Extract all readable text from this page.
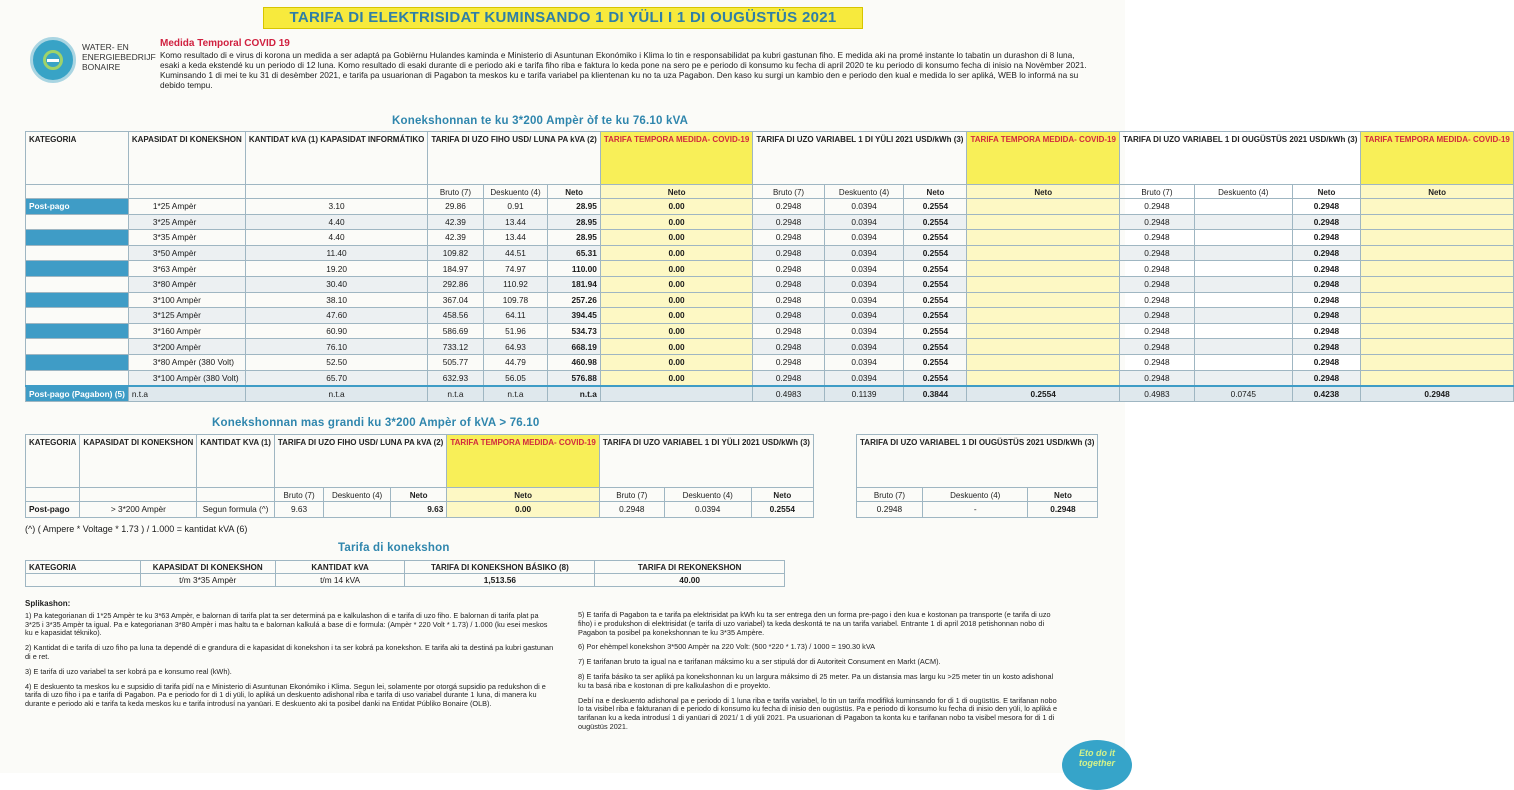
TARIFA DI ELEKTRISIDAT KUMINSANDO 1 DI YÜLI I 1 DI OUGÜSTÜS 2021
WATER- EN
ENERGIEBEDRIJF
BONAIRE
Medida Temporal COVID 19
Komo resultado di e virus di korona un medida a ser adaptá pa Gobièrnu Hulandes kaminda e Ministerio di Asuntunan Ekonómiko i Klima lo tin e responsabilidat pa kubri gastunan fiho. E medida aki na promé instante lo tabatin un durashon di 8 luna, esaki a keda ekstendé ku un periodo di 12 luna. Komo resultado di esaki durante di e periodo aki e tarifa fiho riba e faktura lo keda pone na sero pe e periodo di konsumo ku fecha di april 2020 te ku periodo di konsumo fecha di inisio na Novèmber 2021. Kuminsando 1 di mei te ku 31 di desèmber 2021, e tarifa pa usuarionan di Pagabon ta meskos ku e tarifa variabel pa klientenan ku no ta uza Pagabon. Den kaso ku surgi un kambio den e periodo den kual e medida lo ser apliká, WEB lo informá na su debido tempu.
Konekshonnan te ku 3*200 Ampèr òf te ku 76.10 kVA
KATEGORIA	KAPASIDAT DI KONEKSHON	KANTIDAT kVA (1) KAPASIDAT INFORMÁTIKO	TARIFA DI UZO FIHO USD/ LUNA PA kVA (2)			TARIFA TEMPORA MEDIDA- COVID-19	TARIFA DI UZO VARIABEL 1 DI YÜLI 2021 USD/kWh (3)			TARIFA TEMPORA MEDIDA- COVID-19	TARIFA DI UZO VARIABEL 1 DI OUGÜSTÜS 2021 USD/kWh (3)			TARIFA TEMPORA MEDIDA- COVID-19
			Bruto (7)	Deskuento (4)	Neto	Neto	Bruto (7)	Deskuento (4)	Neto	Neto	Bruto (7)	Deskuento (4)	Neto	Neto
Post-pago	1*25 Ampèr	3.10	29.86	0.91	28.95	0.00	0.2948	0.0394	0.2554		0.2948		0.2948	
	3*25 Ampèr	4.40	42.39	13.44	28.95	0.00	0.2948	0.0394	0.2554		0.2948		0.2948	
	3*35 Ampèr	4.40	42.39	13.44	28.95	0.00	0.2948	0.0394	0.2554		0.2948		0.2948	
	3*50 Ampèr	11.40	109.82	44.51	65.31	0.00	0.2948	0.0394	0.2554		0.2948		0.2948	
	3*63 Ampèr	19.20	184.97	74.97	110.00	0.00	0.2948	0.0394	0.2554		0.2948		0.2948	
	3*80 Ampèr	30.40	292.86	110.92	181.94	0.00	0.2948	0.0394	0.2554		0.2948		0.2948	
	3*100 Ampèr	38.10	367.04	109.78	257.26	0.00	0.2948	0.0394	0.2554		0.2948		0.2948	
	3*125 Ampèr	47.60	458.56	64.11	394.45	0.00	0.2948	0.0394	0.2554		0.2948		0.2948	
	3*160 Ampèr	60.90	586.69	51.96	534.73	0.00	0.2948	0.0394	0.2554		0.2948		0.2948	
	3*200 Ampèr	76.10	733.12	64.93	668.19	0.00	0.2948	0.0394	0.2554		0.2948		0.2948	
	3*80 Ampèr (380 Volt)	52.50	505.77	44.79	460.98	0.00	0.2948	0.0394	0.2554		0.2948		0.2948	
	3*100 Ampèr (380 Volt)	65.70	632.93	56.05	576.88	0.00	0.2948	0.0394	0.2554		0.2948		0.2948	
Post-pago (Pagabon) (5)	n.t.a	n.t.a	n.t.a	n.t.a	n.t.a		0.4983	0.1139	0.3844	0.2554	0.4983	0.0745	0.4238	0.2948
Konekshonnan mas grandi ku 3*200 Ampèr of kVA > 76.10
KATEGORIA	KAPASIDAT DI KONEKSHON	KANTIDAT KVA (1)	TARIFA DI UZO FIHO USD/ LUNA PA kVA (2)			TARIFA TEMPORA MEDIDA- COVID-19	TARIFA DI UZO VARIABEL 1 DI YÜLI 2021 USD/kWh (3)		
			Bruto (7)	Deskuento (4)	Neto	Neto	Bruto (7)	Deskuento (4)	Neto
Post-pago	> 3*200 Ampèr	Segun formula (^)	9.63		9.63	0.00	0.2948	0.0394	0.2554
TARIFA DI UZO VARIABEL 1 DI OUGÜSTÜS 2021 USD/kWh (3)		
Bruto (7)	Deskuento (4)	Neto
0.2948	-	0.2948
(^) ( Ampere * Voltage * 1.73 ) / 1.000 = kantidat kVA (6)
Tarifa di konekshon
KATEGORIA	KAPASIDAT DI KONEKSHON	KANTIDAT kVA	TARIFA DI KONEKSHON BÁSIKO (8)	TARIFA DI REKONEKSHON
	t/m 3*35 Ampèr	t/m 14 kVA	1,513.56	40.00
Splikashon:

1) Pa kategorianan di 1*25 Ampèr te ku 3*63 Ampèr, e balornan di tarifa plat ta ser determiná pa e kalkulashon di e tarifa di uzo fiho. E balornan di tarifa plat pa 3*25 i 3*35 Ampèr ta igual. Pa e kategorianan 3*80 Ampèr i mas haltu ta e balornan kalkulá a base di e formula: (Ampèr * 220 Volt * 1.73) / 1.000 (ku esei meskos ku e kapasidat tékniko).

2) Kantidat di e tarifa di uzo fiho pa luna ta dependé di e grandura di e kapasidat di konekshon i ta ser kobrá pa konekshon. E tarifa aki ta destiná pa kubri gastunan di e ret.

3) E tarifa di uzo variabel ta ser kobrá pa e konsumo real (kWh).

4) E deskuento ta meskos ku e supsidio di tarifa pidí na e Ministerio di Asuntunan Ekonómiko i Klima. Segun lei, solamente por otorgá supsidio pa redukshon di e tarifa di uzo fiho i pa e tarifa di Pagabon. Pa e periodo for di 1 di yüli, lo apliká un deskuento adishonal riba e tarifa di uso variabel durante 1 luna, di manera ku durante e periodo aki e tarifa ta keda meskos ku e tarifa introdusí na yanüari. E deskuento aki ta posibel danki na Entidat Públiko Bonaire (OLB).

5) E tarifa di Pagabon ta e tarifa pa elektrisidat pa kWh ku ta ser entrega den un forma pre-pago i den kua e kostonan pa transporte (e tarifa di uzo fiho) i e produkshon di elektrisidat (e tarifa di uzo variabel) ta keda deskontá te na un tarifa variabel. Entrante 1 di april 2018 petishonnan nobo di Pagabon ta posibel pa konekshonnan te ku 3*35 Ampère.

6) Por ehèmpel konekshon 3*500 Ampèr na 220 Volt: (500 *220 * 1.73) / 1000 = 190.30 kVA

7) E tarifanan bruto ta igual na e tarifanan máksimo ku a ser stipulá dor di Autoriteit Consument en Markt (ACM).

8) E tarifa básiko ta ser apliká pa konekshonnan ku un largura máksimo di 25 meter. Pa un distansia mas largu ku >25 meter tin un kosto adishonal ku ta basá riba e kostonan di pre kalkulashon di e proyekto.

Debí na e deskuento adishonal pa e periodo di 1 luna riba e tarifa variabel, lo tin un tarifa modifiká kuminsando for di 1 di ougüstüs. E tarifanan nobo lo ta visibel riba e fakturanan di e periodo di konsumo ku fecha di inisio den ougüstüs. Pa e periodo di konsumo ku fecha di inisio den yüli, lo apliká e tarifanan ku a keda introdusí 1 di yanüari di 2021/ 1 di yüli 2021. Pa usuarionan di Pagabon ta konta ku e tarifanan nobo ta visibel mesora for di 1 di ougüstüs 2021.

Eto do it together
